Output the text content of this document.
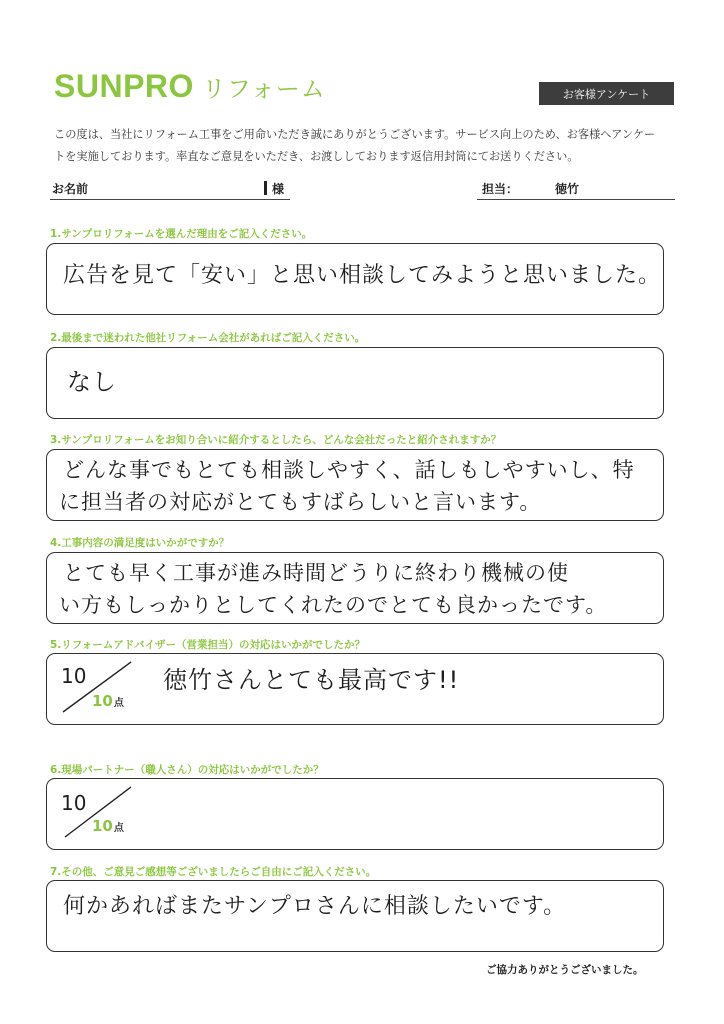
SUNPRO リフォーム	お客様アンケート

この度は、当社にリフォーム工事をご用命いただき誠にありがとうございます。サービス向上のため、お客様へアンケー

トを実施しております。率直なご意見をいただき、お渡ししております返信用封筒にてお送りください。

お名前	様	担当：	徳竹
1.サンプロリフォームを選んだ理由をご記入ください。
広告を見て「安い」と思い相談してみようと思いました。
2.最後まで迷われた他社リフォーム会社があればご記入ください。
なし
3.サンプロリフォームをお知り合いに紹介するとしたら、どんな会社だったと紹介されますか？
どんな事でもとても相談しやすく、話しもしやすいし、特
に担当者の対応がとてもすばらしいと言います。
4.工事内容の満足度はいかがですか？
とても早く工事が進み時間どうりに終わり機械の使
い方もしっかりとしてくれたのでとても良かったです。
5.リフォームアドバイザー（営業担当）の対応はいかがでしたか？
10
10点
徳竹さんとても最高です!!
6.現場パートナー（職人さん）の対応はいかがでしたか？
10
10点
7.その他、ご意見ご感想等ございましたらご自由にご記入ください。
何かあればまたサンプロさんに相談したいです。
ご協力ありがとうございました。
